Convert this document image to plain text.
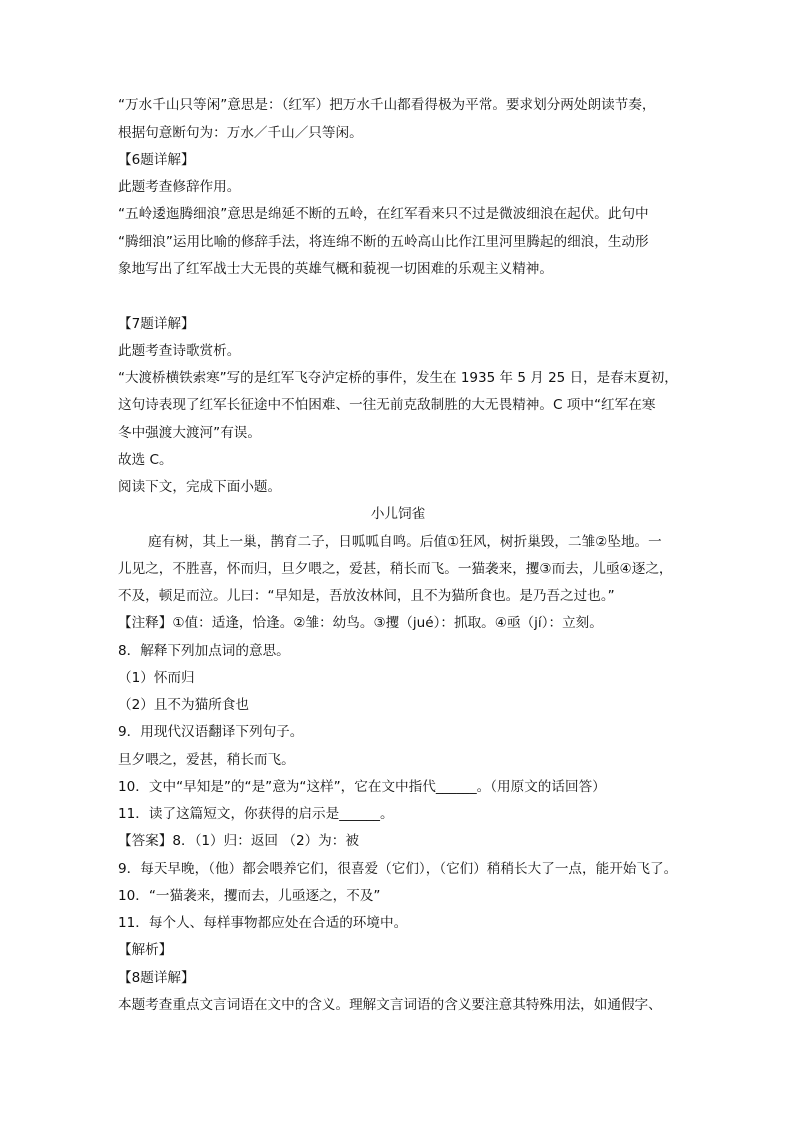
“万水千山只等闲”意思是：（红军）把万水千山都看得极为平常。要求划分两处朗读节奏，
根据句意断句为：万水／千山／只等闲。
【6题详解】
此题考查修辞作用。
“五岭逶迤腾细浪”意思是绵延不断的五岭，在红军看来只不过是微波细浪在起伏。此句中
“腾细浪”运用比喻的修辞手法，将连绵不断的五岭高山比作江里河里腾起的细浪，生动形
象地写出了红军战士大无畏的英雄气概和藐视一切困难的乐观主义精神。
【7题详解】
此题考查诗歌赏析。
“大渡桥横铁索寒”写的是红军飞夺泸定桥的事件，发生在 1935 年 5 月 25 日，是春末夏初，
这句诗表现了红军长征途中不怕困难、一往无前克敌制胜的大无畏精神。C 项中“红军在寒
冬中强渡大渡河”有误。
故选 C。
阅读下文，完成下面小题。
小儿饲雀
庭有树，其上一巢，鹊育二子，日呱呱自鸣。后值①狂风，树折巢毁，二雏②坠地。一
儿见之，不胜喜，怀而归，旦夕喂之，爱甚，稍长而飞。一猫袭来，攫③而去，儿亟④逐之，
不及，顿足而泣。儿曰：“早知是，吾放汝林间，且不为猫所食也。是乃吾之过也。”
【注释】①值：适逢，恰逢。②雏：幼鸟。③攫（jué）：抓取。④亟（jí）：立刻。
8．解释下列加点词的意思。
（1）怀而归
（2）且不为猫所食也
9．用现代汉语翻译下列句子。
旦夕喂之，爱甚，稍长而飞。
10．文中“早知是”的“是”意为“这样”，它在文中指代______。（用原文的话回答）
11．读了这篇短文，你获得的启示是______。
【答案】8．（1）归：返回 （2）为：被
9．每天早晚，（他）都会喂养它们，很喜爱（它们），（它们）稍稍长大了一点，能开始飞了。
10．“一猫袭来，攫而去，儿亟逐之，不及”
11．每个人、每样事物都应处在合适的环境中。
【解析】
【8题详解】
本题考查重点文言词语在文中的含义。理解文言词语的含义要注意其特殊用法，如通假字、
